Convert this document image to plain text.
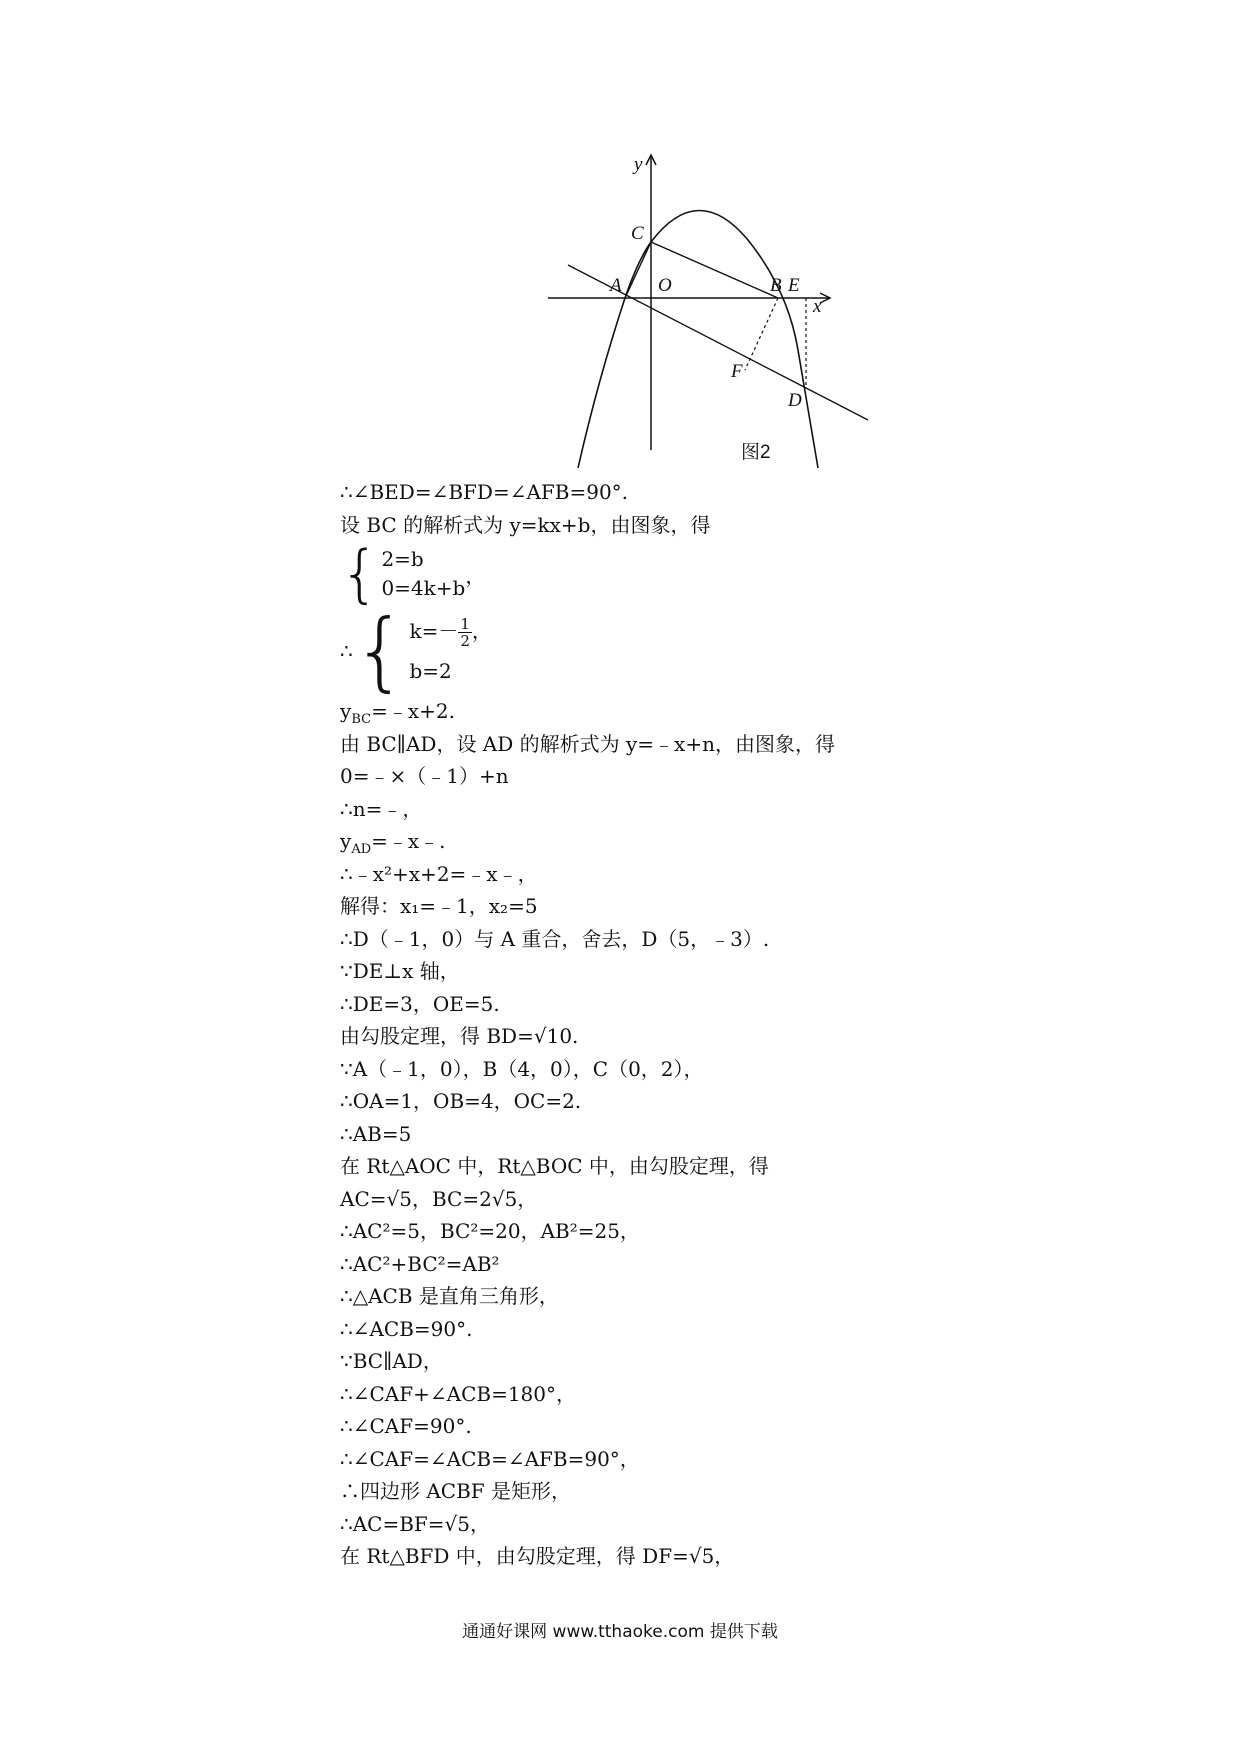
y
x
C
A O	B E
F
D
图2
∴∠BED=∠BFD=∠AFB=90°.
设 BC 的解析式为 y=kx+b，由图象，得
{ 2=b
0=4k+b
，
∴ { $k=- \frac{1}{2}$ ，
b=2
$y_{BC}=﹣x+2$.
由 BC∥AD，设 AD 的解析式为 y=﹣x+n，由图象，得
0=﹣×（﹣1）+n
∴n=﹣，
$y_{AD}=﹣x﹣$.
∴﹣x²+x+2=﹣x﹣，
解得：x₁=﹣1，x₂=5
∴D（﹣1，0）与 A 重合，舍去，D（5，﹣3）.
∵DE⊥x 轴，
∴DE=3，OE=5.
由勾股定理，得 BD=√10.
∵A（﹣1，0），B（4，0），C（0，2），
∴OA=1，OB=4，OC=2.
∴AB=5
在 Rt△AOC 中，Rt△BOC 中，由勾股定理，得
AC=√5，BC=2√5，
∴AC²=5，BC²=20，AB²=25，
∴AC²+BC²=AB²
∴△ACB 是直角三角形，
∴∠ACB=90°.
∵BC∥AD，
∴∠CAF+∠ACB=180°，
∴∠CAF=90°.
∴∠CAF=∠ACB=∠AFB=90°，
∴四边形 ACBF 是矩形，
∴AC=BF=√5，
在 Rt△BFD 中，由勾股定理，得 DF=√5，
通通好课网 www.tthaoke.com 提供下载
